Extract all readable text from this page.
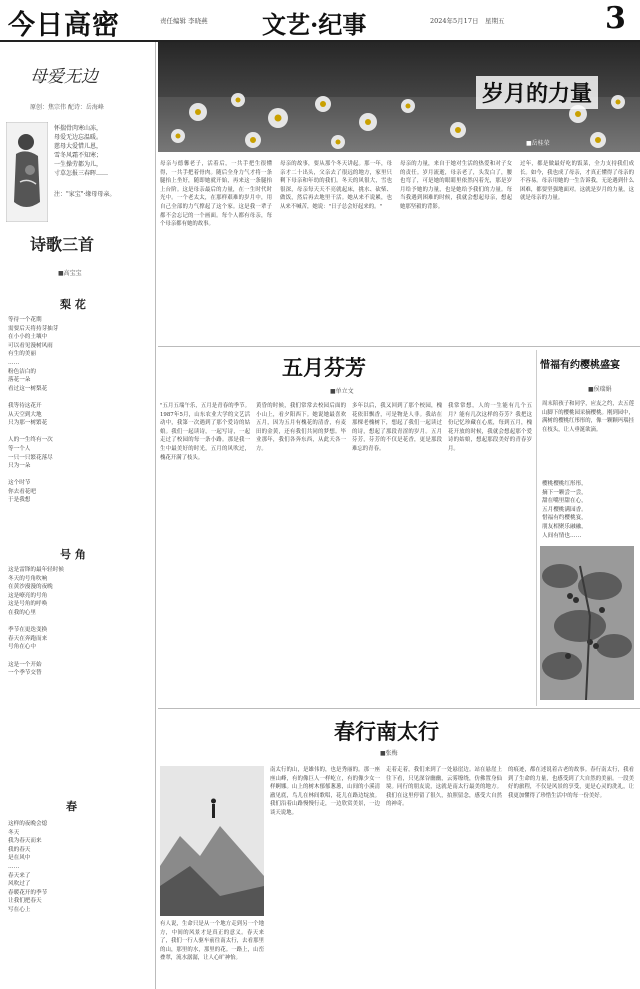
今日高密	责任编辑 李晓燕 文艺·纪事	2024年5月17日 星期五	3
母爱无边
原创：焦宗伟 配诗：岳海峰
怀揣骨肉寒山冻，
母爱无边忘温暖。
慈母大爱惜儿恩，
雪冬风霜不知寒；
一生操劳都为儿，
寸草怎报三春晖……
注："家宝"·缘母母亲。
诗歌三首
■高宝宝
梨 花
等待一个花期
需要后天将持芽抽芽
在小小的土壤中
可以看见漫树风雨
有生的美丽
……
粉色洁白的
落花一朵
看过这一树梨花

我等待这花开
从天空到大地
只为那一树繁花

人的一生终有一次
等一个人
一只一只繁花落尽
只为一朵

这个时节
你去看花吧
于是我想
号 角
这是雷锋的最年轻时候
冬天的号角吹响
在黄沙漫漫的夜晚
这是嘹亮的号角
这是号角的呼唤
在我的心里

季节在更迭变换
春天在奔跑而来
号角在心中

这是一个开始
一个季节交替
春
这样的夜晚会熄
冬天
我为春天而来
我的春天
是在风中
……
春天来了
风吹过了
春暖花开的季节
让我们把春天
写在心上
岁月的力量
■岳桂荣
母亲与德馨老子，活着后，一共手把生很懂得，一共手把着骨肉。随后全身力气才将一条腿抬上坐好，随即她就开始，再来这一条腿抬上台阶。这是母亲最后的力量，在一生时代时光中。一个老太太，在那样艰难的岁月中，用自己全部的力气撑起了这个家。这是我一辈子都不会忘记的一个画面。每个人都有母亲，每个母亲都有她的故事。
母亲的故事，要从那个冬天讲起。那一年，母亲才二十出头，父亲去了很远的地方，家里只剩下母亲和年幼的我们。冬天的风很大，雪也很深，母亲每天天不亮就起床，挑水、砍柴、做饭，然后再去地里干活。她从来不说累，也从来不喊苦，她说："日子总会好起来的。"
母亲的力量，来自于她对生活的热爱和对子女的责任。岁月流逝，母亲老了，头发白了，腰也弯了，可是她的眼睛里依然闪着光，那是岁月给予她的力量，也是她给予我们的力量。每当我遇到困难的时候，我就会想起母亲，想起她那坚毅的背影。
过年，都是做最好吃的饭菜，全力支持我们成长。如今，我也成了母亲，才真正懂得了母亲的不容易。母亲用她的一生告诉我，无论遇到什么困难，都要坚强地面对。这就是岁月的力量，这就是母亲的力量。
五月芬芳
■单立文
"五月五端午乐，五月是青春的季节。1987年5月，山东农业大学的文艺活动中，我第一次遇到了那个爱诗的姑娘。我们一起读诗，一起写诗，一起走过了校园的每一条小路。那是我一生中最美好的时光，五月的风吹过，槐花开满了枝头。
黄昏的时候，我们常常去校园后面的小山上，看夕阳西下。她说她最喜欢五月，因为五月有槐花的清香，有麦田的金黄，还有我们共同的梦想。毕业那年，我们各奔东西，从此天各一方。
多年以后，我又回到了那个校园，槐花依旧飘香，可是物是人非。我站在那棵老槐树下，想起了我们一起读过的诗，想起了那段青涩的岁月。五月芬芳，芬芳的不仅是花香，更是那段难忘的青春。
我常常想，人的一生能有几个五月？能有几次这样的芬芳？我把这份记忆珍藏在心底，每到五月，槐花开放的时候，我就会想起那个爱诗的姑娘，想起那段美好的青春岁月。
惜福有约樱桃盛宴
■侯瑞娟
周末陪孩子和同学，应友之约，去五莲山脚下的樱桃园采摘樱桃。刚到园中，满树的樱桃红彤彤的，像一颗颗玛瑙挂在枝头，让人垂涎欲滴。
樱桃樱桃红彤彤，
摘下一颗尝一尝，
甜在嘴里甜在心，
五月樱桃满园香。
惜福有约樱桃宴，
朋友相聚乐融融，
人间有情也……
春行南太行
■张梅
有人说，生命只是从一个地方走到另一个地方，中间的风景才是真正的意义。春天来了，我们一行人驱车前往南太行，去看那里的山，那里的水，那里的花。一路上，山峦叠翠，流水潺潺，让人心旷神怡。
南太行的山，是雄伟的，也是秀丽的。那一座座山峰，有的像巨人一样屹立，有的像少女一样婀娜。山上的树木郁郁葱葱，山间的小溪清澈见底，鸟儿在林间歌唱，花儿在路边绽放。我们沿着山路慢慢行走，一边欣赏美景，一边谈天说地。
走着走着，我们来到了一处悬崖边。站在悬崖上往下看，只见深谷幽幽，云雾缭绕，仿佛置身仙境。同行的朋友说，这就是南太行最美的地方。我们在这里停留了很久，拍照留念，感受大自然的神奇。
的痕迹，都在述说着古老的故事。春行南太行，我看到了生命的力量，也感受到了大自然的美丽。一段美好的旅程，不仅是风景的享受，更是心灵的洗礼，让我更加懂得了珍惜生活中的每一份美好。
